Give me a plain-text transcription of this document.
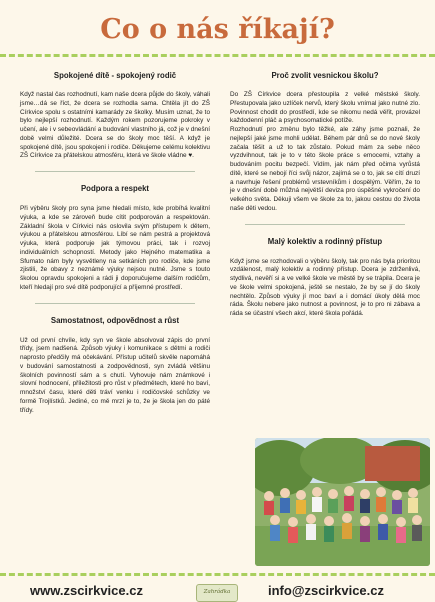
Co o nás říkají?
Spokojené dítě - spokojený rodič
Když nastal čas rozhodnutí, kam naše dcera půjde do školy, váhali jsme…dá se říct, že dcera se rozhodla sama. Chtěla jít do ZŠ Církvice spolu s ostatními kamarády ze školky. Musím uznat, že to bylo nejlepší rozhodnutí. Každým rokem pozorujeme pokroky v učení, ale i v sebeovládání a budování vlastního já, což je v dnešní době velmi důležité. Dcera se do školy moc těší. A když je spokojené dítě, jsou spokojeni i rodiče. Děkujeme celému kolektivu ZŠ Církvice za přátelskou atmosféru, která ve škole vládne ♥.
Podpora a respekt
Při výběru školy pro syna jsme hledali místo, kde probíhá kvalitní výuka, a kde se zároveň bude cítit podporován a respektován. Základní škola v Církvici nás oslovila svým přístupem k dětem, výukou a přátelskou atmosférou. Líbí se nám pestrá a projektová výuka, která podporuje jak týmovou práci, tak i rozvoj individuálních schopností. Metody jako Hejného matematika a Sfumato nám byly vysvětleny na setkáních pro rodiče, kde jsme zjistili, že obavy z neznámé výuky nejsou nutné. Jsme s touto školou opravdu spokojeni a rádi ji doporučujeme dalším rodičům, kteří hledají pro své dítě podporující a příjemné prostředí.
Samostatnost, odpovědnost a růst
Už od první chvíle, kdy syn ve škole absolvoval zápis do první třídy, jsem nadšená. Způsob výuky i komunikace s dětmi a rodiči naprosto předčily má očekávání. Přístup učitelů skvěle napomáhá v budování samostatnosti a zodpovědnosti, syn zvládá většinu školních povinností sám a s chutí. Vyhovuje nám známkové i slovní hodnocení, příležitosti pro růst v předmětech, které ho baví, množství času, které děti tráví venku i rodičovské schůzky ve formě Trojlístků. Jediné, co mě mrzí je to, že je škola jen do páté třídy.
Proč zvolit vesnickou školu?
Do ZŠ Církvice dcera přestoupila z velké městské školy. Přestupovala jako uzlíček nervů, který školu vnímal jako nutné zlo. Povinnost chodit do prostředí, kde se nikomu nedá věřit, provázel každodenní pláč a psychosomatické potíže.
Rozhodnutí pro změnu bylo těžké, ale záhy jsme poznali, že nejlepší jaké jsme mohli udělat. Během pár dnů se do nové školy začala těšit a už to tak zůstalo. Pokud mám za sebe něco vyzdvihnout, tak je to v této škole práce s emocemi, vztahy a budováním pocitu bezpečí. Vidím, jak nám před očima vyrůstá dítě, které se nebojí říci svůj názor, zajímá se o to, jak se cítí druzí a navrhuje řešení problémů vrstevníkům i dospělým. Věřím, že to je v dnešní době můžná největší deviza pro úspěšné vykročení do velkého světa. Děkuji všem ve škole za to, jakou cestou do života naše děti vedou.
Malý kolektiv a rodinný přístup
Když jsme se rozhodovali o výběru školy, tak pro nás byla prioritou vzdálenost, malý kolektiv a rodinný přístup. Dcera je zdrženlivá, stydlivá, nevěří si a ve velké škole ve městě by se trápila. Dcera je ve škole velmi spokojená, ještě se nestalo, že by se jí do školy nechtělo. Způsob výuky jí moc baví a i domácí úkoly dělá moc ráda. Školu nebere jako nutnost a povinnost, je to pro ni zábava a ráda se účastní všech akcí, které škola pořádá.
www.zscirkvice.cz	Zahrádka	info@zscirkvice.cz
